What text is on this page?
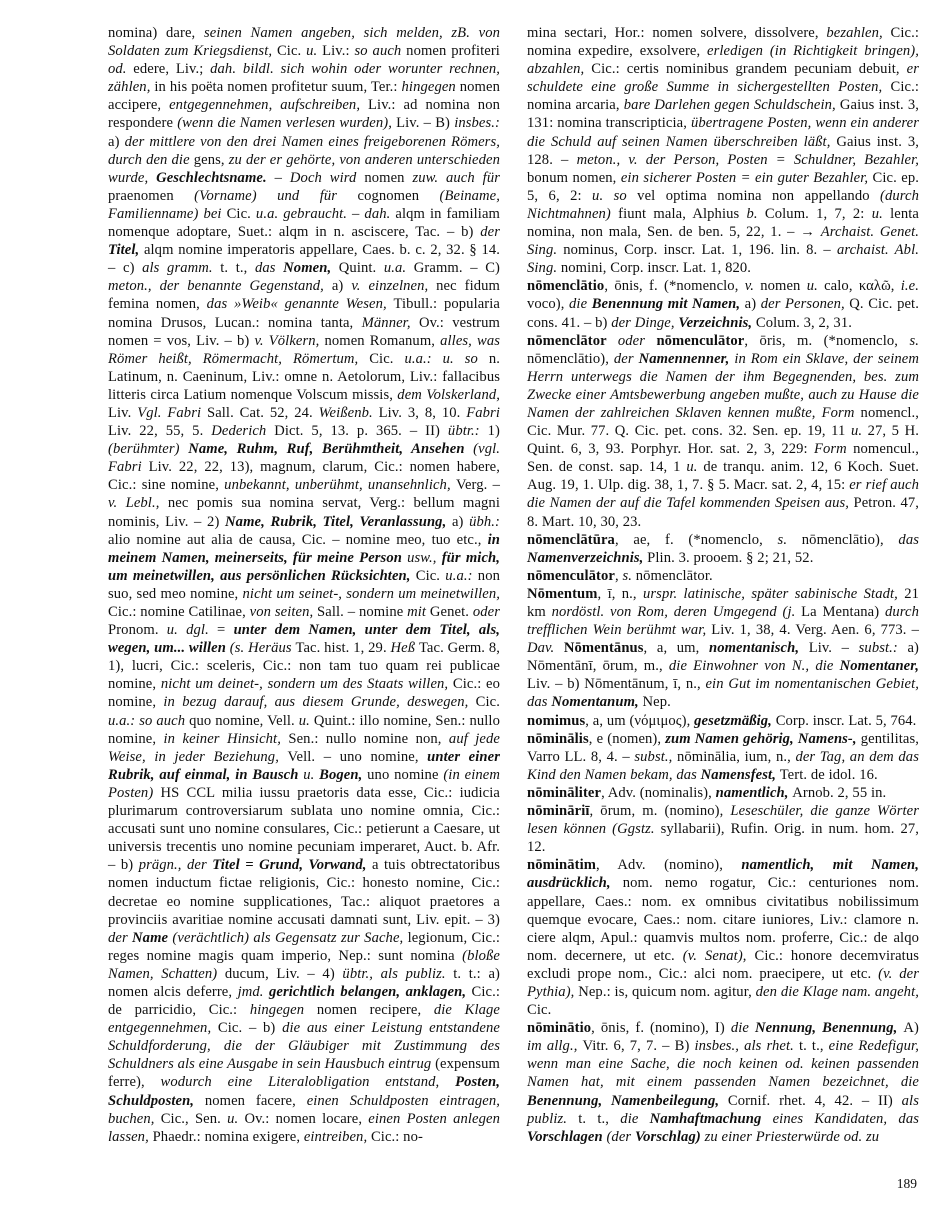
nomina) dare, seinen Namen angeben, sich melden, zB. von Soldaten zum Kriegsdienst, Cic. u. Liv.: so auch nomen profiteri od. edere, Liv.; dah. bildl. sich wohin oder worunter rechnen, zählen, in his poëta nomen profitetur suum, Ter.: hingegen nomen accipere, entgegennehmen, aufschreiben, Liv.: ad nomina non respondere (wenn die Namen verlesen wurden), Liv. – B) insbes.: a) der mittlere von den drei Namen eines freigeborenen Römers, durch den die gens, zu der er gehörte, von anderen unterschieden wurde, Geschlechtsname. – Doch wird nomen zuw. auch für praenomen (Vorname) und für cognomen (Beiname, Familienname) bei Cic. u.a. gebraucht. – dah. alqm in familiam nomenque adoptare, Suet.: alqm in n. asciscere, Tac. – b) der Titel, alqm nomine imperatoris appellare, Caes. b. c. 2, 32. § 14. – c) als gramm. t. t., das Nomen, Quint. u.a. Gramm. – C) meton., der benannte Gegenstand, a) v. einzelnen, nec fidum femina nomen, das »Weib« genannte Wesen, Tibull.: popularia nomina Drusos, Lucan.: nomina tanta, Männer, Ov.: vestrum nomen = vos, Liv. – b) v. Völkern, nomen Romanum, alles, was Römer heißt, Römermacht, Römertum, Cic. u.a.: u. so n. Latinum, n. Caeninum, Liv.: omne n. Aetolorum, Liv.: fallacibus litteris circa Latium nomenque Volscum missis, dem Volskerland, Liv. Vgl. Fabri Sall. Cat. 52, 24. Weißenb. Liv. 3, 8, 10. Fabri Liv. 22, 55, 5. Dederich Dict. 5, 13. p. 365. – II) übtr.: 1) (berühmter) Name, Ruhm, Ruf, Berühmtheit, Ansehen (vgl. Fabri Liv. 22, 22, 13), magnum, clarum, Cic.: nomen habere, Cic.: sine nomine, unbekannt, unberühmt, unansehnlich, Verg. – v. Lebl., nec pomis sua nomina servat, Verg.: bellum magni nominis, Liv. – 2) Name, Rubrik, Titel, Veranlassung, a) übh.: alio nomine aut alia de causa, Cic. – nomine meo, tuo etc., in meinem Namen, meinerseits, für meine Person usw., für mich, um meinetwillen, aus persönlichen Rücksichten, Cic. u.a.: non suo, sed meo nomine, nicht um seinet-, sondern um meinetwillen, Cic.: nomine Catilinae, von seiten, Sall. – nomine mit Genet. oder Pronom. u. dgl. = unter dem Namen, unter dem Titel, als, wegen, um... willen (s. Heräus Tac. hist. 1, 29. Heß Tac. Germ. 8, 1), lucri, Cic.: sceleris, Cic.: non tam tuo quam rei publicae nomine, nicht um deinet-, sondern um des Staats willen, Cic.: eo nomine, in bezug darauf, aus diesem Grunde, deswegen, Cic. u.a.: so auch quo nomine, Vell. u. Quint.: illo nomine, Sen.: nullo nomine, in keiner Hinsicht, Sen.: nullo nomine non, auf jede Weise, in jeder Beziehung, Vell. – uno nomine, unter einer Rubrik, auf einmal, in Bausch u. Bogen, uno nomine (in einem Posten) HS CCL milia iussu praetoris data esse, Cic.: iudicia plurimarum controversiarum sublata uno nomine omnia, Cic.: accusati sunt uno nomine consulares, Cic.: petierunt a Caesare, ut universis trecentis uno nomine pecuniam imperaret, Auct. b. Afr. – b) prägn., der Titel = Grund, Vorwand, a tuis obtrectatoribus nomen inductum fictae religionis, Cic.: honesto nomine, Cic.: decretae eo nomine supplicationes, Tac.: aliquot praetores a provinciis avaritiae nomine accusati damnati sunt, Liv. epit. – 3) der Name (verächtlich) als Gegensatz zur Sache, legionum, Cic.: reges nomine magis quam imperio, Nep.: sunt nomina (bloße Namen, Schatten) ducum, Liv. – 4) übtr., als publiz. t. t.: a) nomen alcis deferre, jmd. gerichtlich belangen, anklagen, Cic.: de parricidio, Cic.: hingegen nomen recipere, die Klage entgegennehmen, Cic. – b) die aus einer Leistung entstandene Schuldforderung, die der Gläubiger mit Zustimmung des Schuldners als eine Ausgabe in sein Hausbuch eintrug (expensum ferre), wodurch eine Literalobligation entstand, Posten, Schuldposten, nomen facere, einen Schuldposten eintragen, buchen, Cic., Sen. u. Ov.: nomen locare, einen Posten anlegen lassen, Phaedr.: nomina exigere, eintreiben, Cic.: no-

mina sectari, Hor.: nomen solvere, dissolvere, bezahlen, Cic.: nomina expedire, exsolvere, erledigen (in Richtigkeit bringen), abzahlen, Cic.: certis nominibus grandem pecuniam debuit, er schuldete eine große Summe in sichergestellten Posten, Cic.: nomina arcaria, bare Darlehen gegen Schuldschein, Gaius inst. 3, 131: nomina transcripticia, übertragene Posten, wenn ein anderer die Schuld auf seinen Namen überschreiben läßt, Gaius inst. 3, 128. – meton., v. der Person, Posten = Schuldner, Bezahler, bonum nomen, ein sicherer Posten = ein guter Bezahler, Cic. ep. 5, 6, 2: u. so vel optima nomina non appellando (durch Nichtmahnen) fiunt mala, Alphius b. Colum. 1, 7, 2: u. lenta nomina, non mala, Sen. de ben. 5, 22, 1. – → Archaist. Genet. Sing. nominus, Corp. inscr. Lat. 1, 196. lin. 8. – archaist. Abl. Sing. nomini, Corp. inscr. Lat. 1, 820.

nōmenclātio, ōnis, f. (*nomenclo, v. nomen u. calo, καλῶ, i.e. voco), die Benennung mit Namen, a) der Personen, Q. Cic. pet. cons. 41. – b) der Dinge, Verzeichnis, Colum. 3, 2, 31.

nōmenclātor oder nōmenculātor, ōris, m. (*nomenclo, s. nōmenclātio), der Namennenner, in Rom ein Sklave, der seinem Herrn unterwegs die Namen der ihm Begegnenden, bes. zum Zwecke einer Amtsbewerbung angeben mußte, auch zu Hause die Namen der zahlreichen Sklaven kennen mußte, Form nomencl., Cic. Mur. 77. Q. Cic. pet. cons. 32. Sen. ep. 19, 11 u. 27, 5 H. Quint. 6, 3, 93. Porphyr. Hor. sat. 2, 3, 229: Form nomencul., Sen. de const. sap. 14, 1 u. de tranqu. anim. 12, 6 Koch. Suet. Aug. 19, 1. Ulp. dig. 38, 1, 7. § 5. Macr. sat. 2, 4, 15: er rief auch die Namen der auf die Tafel kommenden Speisen aus, Petron. 47, 8. Mart. 10, 30, 23.

nōmenclātūra, ae, f. (*nomenclo, s. nōmenclātio), das Namenverzeichnis, Plin. 3. prooem. § 2; 21, 52.

nōmenculātor, s. nōmenclātor.

Nōmentum, ī, n., urspr. latinische, später sabinische Stadt, 21 km nordöstl. von Rom, deren Umgegend (j. La Mentana) durch trefflichen Wein berühmt war, Liv. 1, 38, 4. Verg. Aen. 6, 773. – Dav. Nōmentānus, a, um, nomentanisch, Liv. – subst.: a) Nōmentānī, ōrum, m., die Einwohner von N., die Nomentaner, Liv. – b) Nōmentānum, ī, n., ein Gut im nomentanischen Gebiet, das Nomentanum, Nep.

nomimus, a, um (νόμιμος), gesetzmäßig, Corp. inscr. Lat. 5, 764.

nōminālis, e (nomen), zum Namen gehörig, Namens-, gentilitas, Varro LL. 8, 4. – subst., nōminālia, ium, n., der Tag, an dem das Kind den Namen bekam, das Namensfest, Tert. de idol. 16.

nōmināliter, Adv. (nominalis), namentlich, Arnob. 2, 55 in.

nōmināriī, ōrum, m. (nomino), Leseschüler, die ganze Wörter lesen können (Ggstz. syllabarii), Rufin. Orig. in num. hom. 27, 12.

nōminātim, Adv. (nomino), namentlich, mit Namen, ausdrücklich, nom. nemo rogatur, Cic.: centuriones nom. appellare, Caes.: nom. ex omnibus civitatibus nobilissimum quemque evocare, Caes.: nom. citare iuniores, Liv.: clamore n. ciere alqm, Apul.: quamvis multos nom. proferre, Cic.: de alqo nom. decernere, ut etc. (v. Senat), Cic.: honore decemviratus excludi prope nom., Cic.: alci nom. praecipere, ut etc. (v. der Pythia), Nep.: is, quicum nom. agitur, den die Klage nam. angeht, Cic.

nōminātio, ōnis, f. (nomino), I) die Nennung, Benennung, A) im allg., Vitr. 6, 7, 7. – B) insbes., als rhet. t. t., eine Redefigur, wenn man eine Sache, die noch keinen od. keinen passenden Namen hat, mit einem passenden Namen bezeichnet, die Benennung, Namenbeilegung, Cornif. rhet. 4, 42. – II) als publiz. t. t., die Namhaftmachung eines Kandidaten, das Vorschlagen (der Vorschlag) zu einer Priesterwürde od. zu

189
